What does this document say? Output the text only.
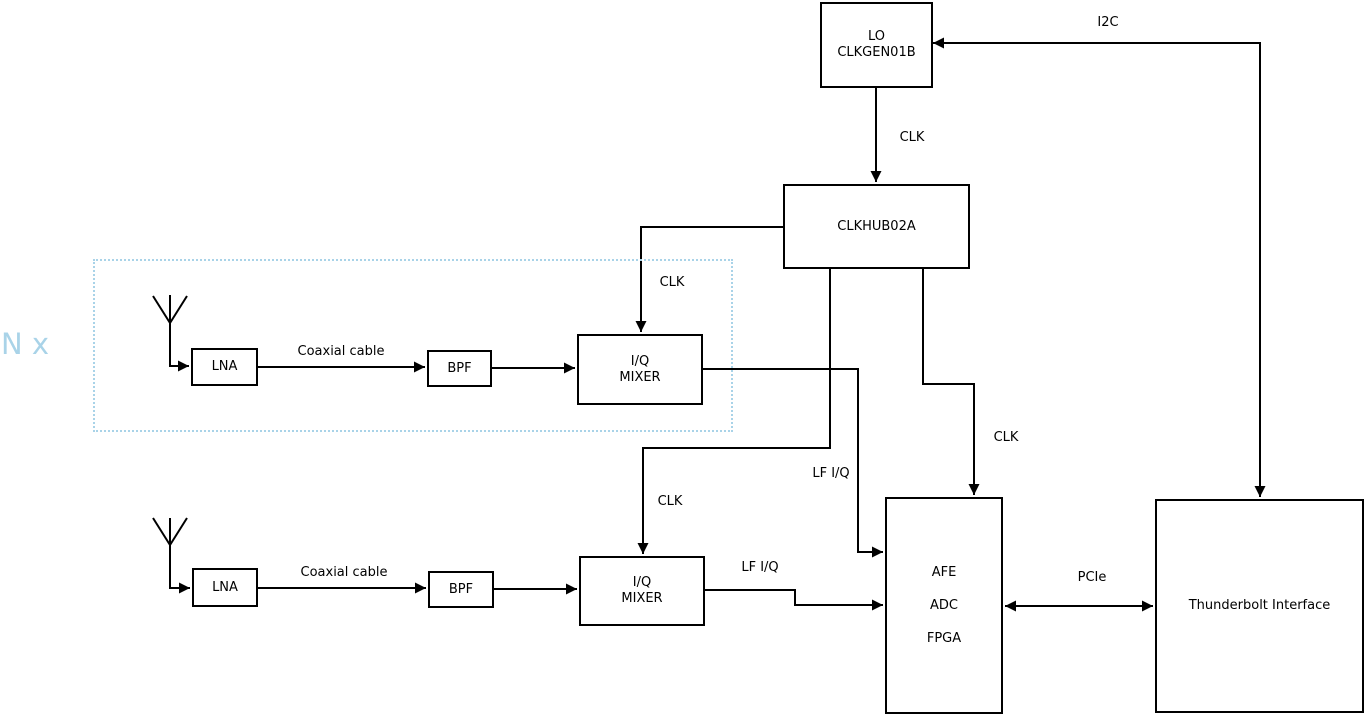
N x
LO
CLKGEN01B
CLKHUB02A
LNA	BPF	I/Q
MIXER
LNA	BPF	I/Q
MIXER
AFE
ADC
FPGA
Thunderbolt Interface
I2C
CLK
CLK
CLK
CLK
Coaxial cable
Coaxial cable
LF I/Q
LF I/Q
PCIe
